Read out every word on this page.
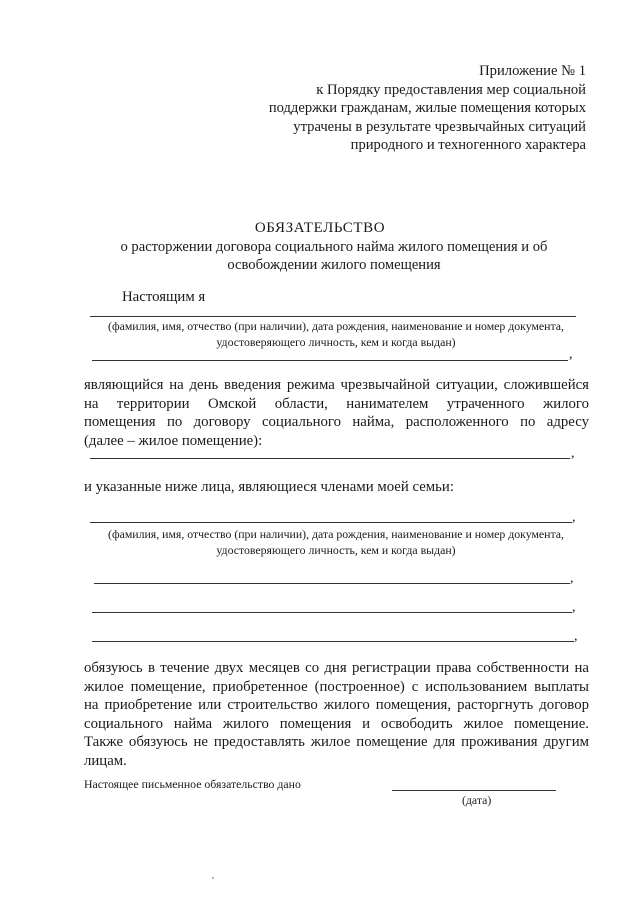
Приложение № 1
к Порядку предоставления мер социальной
поддержки гражданам, жилые помещения которых
утрачены в результате чрезвычайных ситуаций
природного и техногенного характера
ОБЯЗАТЕЛЬСТВО
о расторжении договора социального найма жилого помещения и об
освобождении жилого помещения
Настоящим я
(фамилия, имя, отчество (при наличии), дата рождения, наименование и номер документа,
удостоверяющего личность, кем и когда выдан)
,
являющийся на день введения режима чрезвычайной ситуации, сложившейся
на территории Омской области, нанимателем утраченного жилого
помещения по договору социального найма, расположенного по адресу
(далее – жилое помещение):
,
и указанные ниже лица, являющиеся членами моей семьи:
,
(фамилия, имя, отчество (при наличии), дата рождения, наименование и номер документа,
удостоверяющего личность, кем и когда выдан)
,
,
,
обязуюсь в течение двух месяцев со дня регистрации права собственности на
жилое помещение, приобретенное (построенное) с использованием выплаты
на приобретение или строительство жилого помещения, расторгнуть договор
социального найма жилого помещения и освободить жилое помещение.
Также обязуюсь не предоставлять жилое помещение для проживания другим
лицам.
Настоящее письменное обязательство дано
(дата)
